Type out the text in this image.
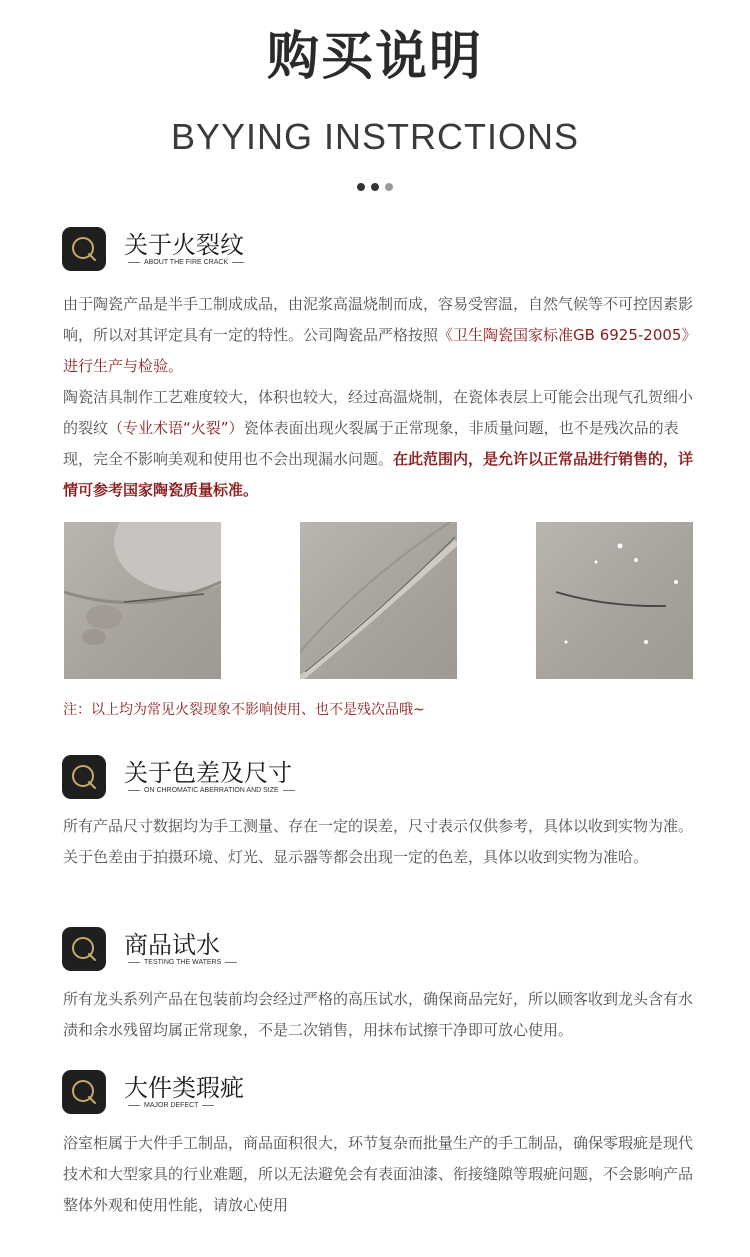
购买说明
BYYING INSTRCTIONS
关于火裂纹
ABOUT THE FIRE CRACK

由于陶瓷产品是半手工制成成品，由泥浆高温烧制而成，容易受窖温，自然气候等不可控因素影响，所以对其评定具有一定的特性。公司陶瓷品严格按照《卫生陶瓷国家标准GB 6925-2005》进行生产与检验。

陶瓷洁具制作工艺难度较大，体积也较大，经过高温烧制，在瓷体表层上可能会出现气孔贺细小的裂纹（专业术语“火裂”）瓷体表面出现火裂属于正常现象，非质量问题，也不是残次品的表现，完全不影响美观和使用也不会出现漏水问题。在此范围内，是允许以正常品进行销售的，详情可参考国家陶瓷质量标准。

注：以上均为常见火裂现象不影响使用、也不是残次品哦~
关于色差及尺寸
ON CHROMATIC ABERRATION AND SIZE
所有产品尺寸数据均为手工测量、存在一定的误差，尺寸表示仅供参考，具体以收到实物为准。关于色差由于拍摄环境、灯光、显示器等都会出现一定的色差，具体以收到实物为准哈。
商品试水
TESTING THE WATERS
所有龙头系列产品在包装前均会经过严格的高压试水，确保商品完好，所以顾客收到龙头含有水渍和余水残留均属正常现象，不是二次销售，用抹布试擦干净即可放心使用。
大件类瑕疵
MAJOR DEFECT
浴室柜属于大件手工制品，商品面积很大，环节复杂而批量生产的手工制品，确保零瑕疵是现代技术和大型家具的行业难题，所以无法避免会有表面油漆、衔接缝隙等瑕疵问题，不会影响产品整体外观和使用性能，请放心使用
